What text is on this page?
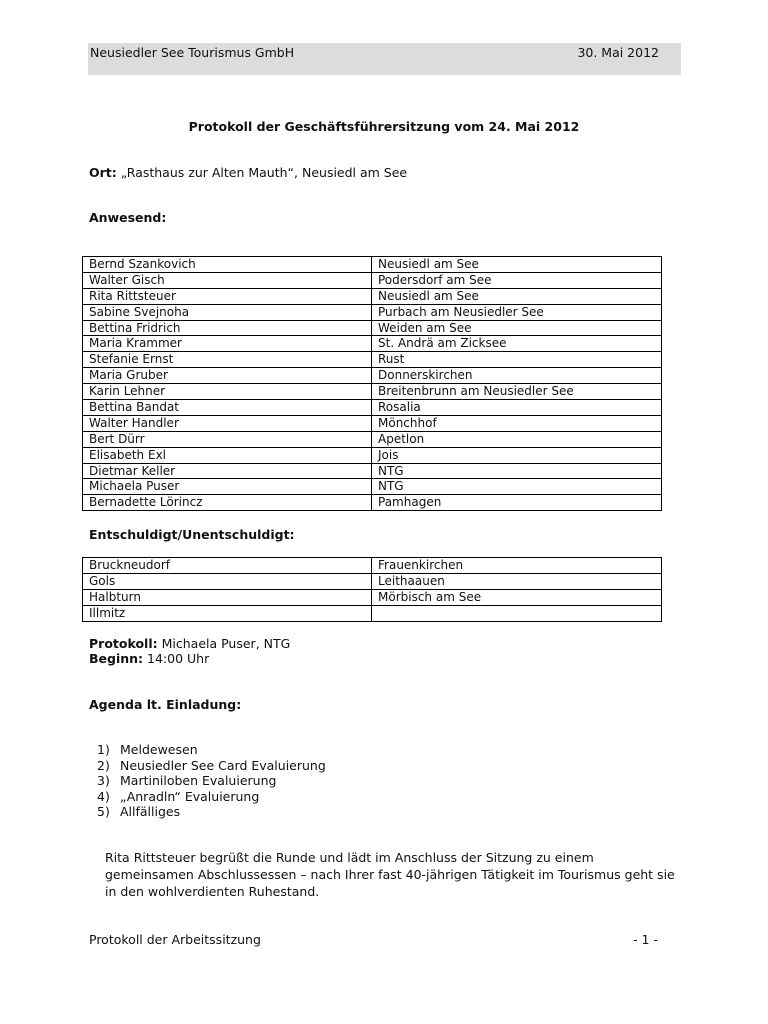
Neusiedler See Tourismus GmbH	30. Mai 2012
Protokoll der Geschäftsführersitzung vom 24. Mai 2012
Ort: „Rasthaus zur Alten Mauth“, Neusiedl am See
Anwesend:
Bernd Szankovich	Neusiedl am See
Walter Gisch	Podersdorf am See
Rita Rittsteuer	Neusiedl am See
Sabine Svejnoha	Purbach am Neusiedler See
Bettina Fridrich	Weiden am See
Maria Krammer	St. Andrä am Zicksee
Stefanie Ernst	Rust
Maria Gruber	Donnerskirchen
Karin Lehner	Breitenbrunn am Neusiedler See
Bettina Bandat	Rosalia
Walter Handler	Mönchhof
Bert Dürr	Apetlon
Elisabeth Exl	Jois
Dietmar Keller	NTG
Michaela Puser	NTG
Bernadette Lörincz	Pamhagen
Entschuldigt/Unentschuldigt:
Bruckneudorf	Frauenkirchen
Gols	Leithaauen
Halbturn	Mörbisch am See
Illmitz	
Protokoll: Michaela Puser, NTG
Beginn: 14:00 Uhr
Agenda lt. Einladung:
1) Meldewesen
2) Neusiedler See Card Evaluierung
3) Martiniloben Evaluierung
4) „Anradln“ Evaluierung
5) Allfälliges
Rita Rittsteuer begrüßt die Runde und lädt im Anschluss der Sitzung zu einem gemeinsamen Abschlussessen – nach Ihrer fast 40-jährigen Tätigkeit im Tourismus geht sie in den wohlverdienten Ruhestand.
Protokoll der Arbeitssitzung	- 1 -
